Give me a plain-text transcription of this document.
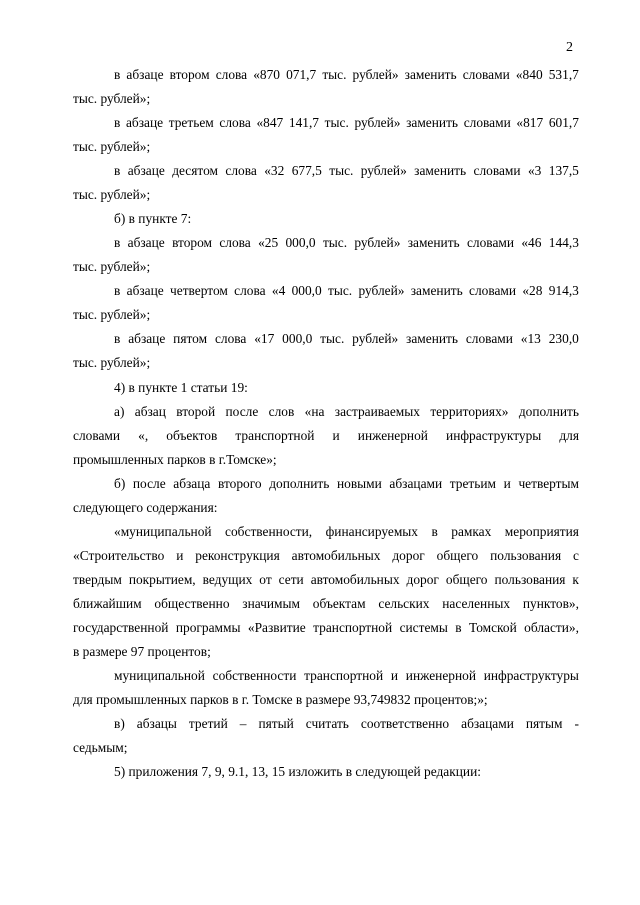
2
в абзаце втором слова «870 071,7 тыс. рублей» заменить словами «840 531,7
тыс. рублей»;
в абзаце третьем слова «847 141,7 тыс. рублей» заменить словами «817 601,7
тыс. рублей»;
в абзаце десятом слова «32 677,5 тыс. рублей» заменить словами «3 137,5
тыс. рублей»;
б) в пункте 7:
в абзаце втором слова «25 000,0 тыс. рублей» заменить словами «46 144,3
тыс. рублей»;
в абзаце четвертом слова «4 000,0 тыс. рублей» заменить словами «28 914,3
тыс. рублей»;
в абзаце пятом слова «17 000,0 тыс. рублей» заменить словами «13 230,0
тыс. рублей»;
4) в пункте 1 статьи 19:
а) абзац второй после слов «на застраиваемых территориях» дополнить
словами «, объектов транспортной и инженерной инфраструктуры для
промышленных парков в г.Томске»;
б) после абзаца второго дополнить новыми абзацами третьим и четвертым
следующего содержания:
«муниципальной собственности, финансируемых в рамках мероприятия
«Строительство и реконструкция автомобильных дорог общего пользования с
твердым покрытием, ведущих от сети автомобильных дорог общего пользования к
ближайшим общественно значимым объектам сельских населенных пунктов»,
государственной программы «Развитие транспортной системы в Томской области»,
в размере 97 процентов;
муниципальной собственности транспортной и инженерной инфраструктуры
для промышленных парков в г. Томске в размере 93,749832 процентов;»;
в) абзацы третий – пятый считать соответственно абзацами пятым -
седьмым;
5) приложения 7, 9, 9.1, 13, 15 изложить в следующей редакции:
